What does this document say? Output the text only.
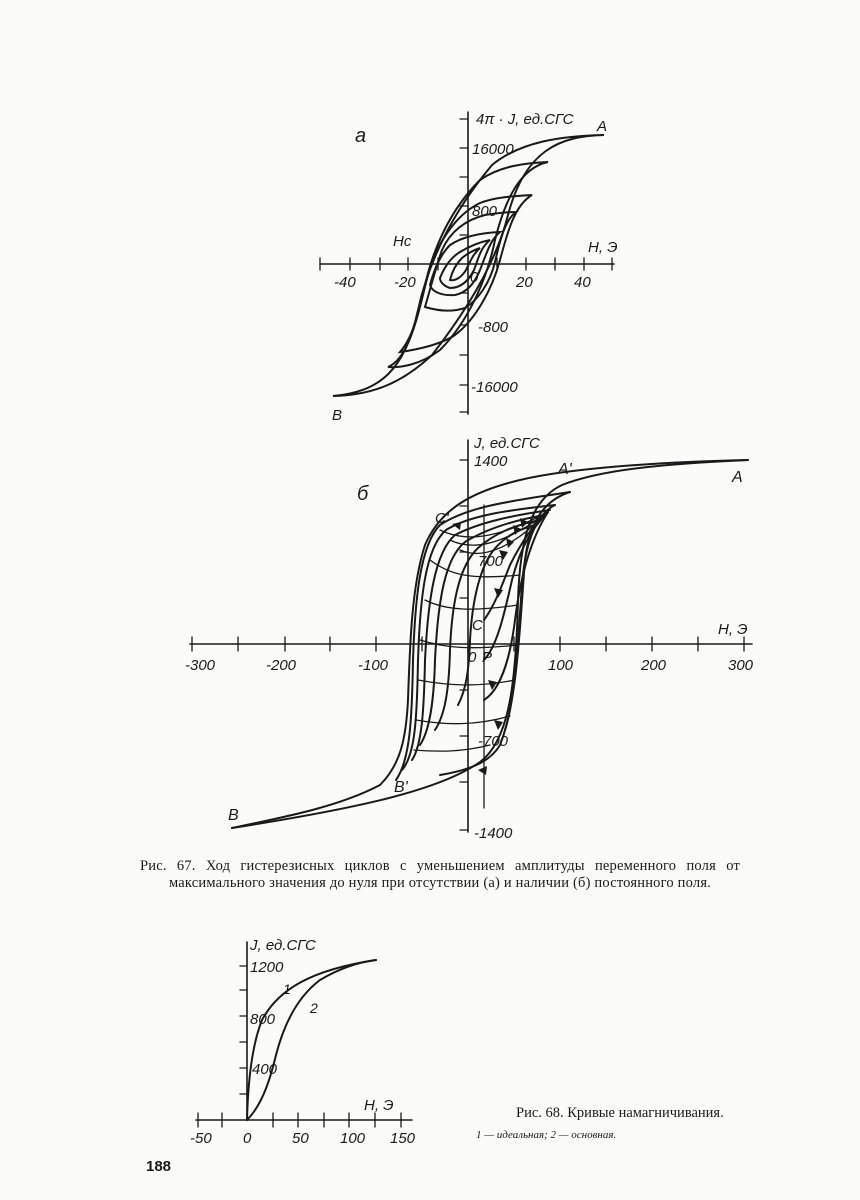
а
4π · J, ед.СГС
H, Э
Hc
A
B
-40	-20	0	20	40
16000
800
-800
-16000
б
J, ед.СГС
H, Э
A
A'
B
B'
C
C'
P
0
-300	-200	-100	100	200	300
1400
700
-700
-1400
J, ед.СГС
H, Э
1
2
-50 0	50 100 150
1200
800
400
Рис. 67. Ход гистерезисных циклов с уменьшением амплитуды переменного поля от максимального значения до нуля при отсутствии (а) и наличии (б) постоянного поля.
Рис. 68. Кривые намагничивания.
1 — идеальная; 2 — основная.
188
